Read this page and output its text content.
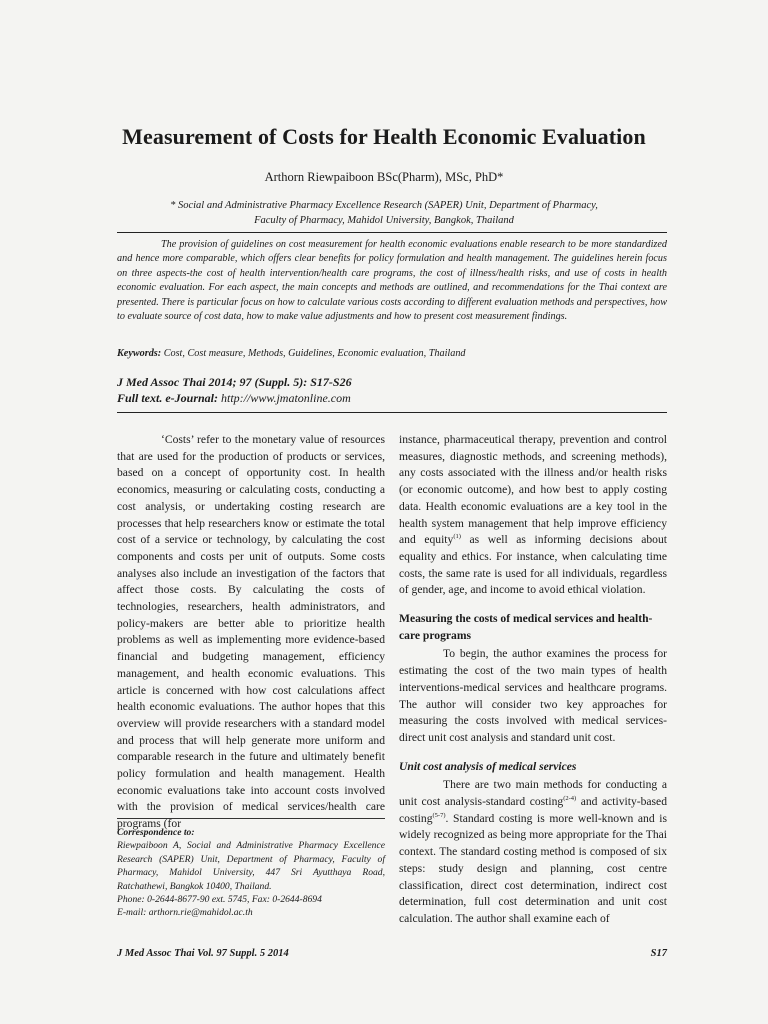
Measurement of Costs for Health Economic Evaluation
Arthorn Riewpaiboon BSc(Pharm), MSc, PhD*
* Social and Administrative Pharmacy Excellence Research (SAPER) Unit, Department of Pharmacy,
Faculty of Pharmacy, Mahidol University, Bangkok, Thailand
The provision of guidelines on cost measurement for health economic evaluations enable research to be more standardized and hence more comparable, which offers clear benefits for policy formulation and health management. The guidelines herein focus on three aspects-the cost of health intervention/health care programs, the cost of illness/health risks, and use of costs in health economic evaluation. For each aspect, the main concepts and methods are outlined, and recommendations for the Thai context are presented. There is particular focus on how to calculate various costs according to different evaluation methods and perspectives, how to evaluate source of cost data, how to make value adjustments and how to present cost measurement findings.
Keywords: Cost, Cost measure, Methods, Guidelines, Economic evaluation, Thailand
J Med Assoc Thai 2014; 97 (Suppl. 5): S17-S26
Full text. e-Journal: http://www.jmatonline.com

‘Costs’ refer to the monetary value of resources that are used for the production of products or services, based on a concept of opportunity cost. In health economics, measuring or calculating costs, conducting a cost analysis, or undertaking costing research are processes that help researchers know or estimate the total cost of a service or technology, by calculating the cost components and costs per unit of outputs. Some costs analyses also include an investigation of the factors that affect those costs. By calculating the costs of technologies, researchers, health administrators, and policy-makers are better able to prioritize health problems as well as implementing more evidence-based financial and budgeting management, efficiency management, and health economic evaluations. This article is concerned with how cost calculations affect health economic evaluations. The author hopes that this overview will provide researchers with a standard model and process that will help generate more uniform and comparable research in the future and ultimately benefit policy formulation and health management. Health economic evaluations take into account costs involved with the provision of medical services/health care programs (for

instance, pharmaceutical therapy, prevention and control measures, diagnostic methods, and screening methods), any costs associated with the illness and/or health risks (or economic outcome), and how best to apply costing data. Health economic evaluations are a key tool in the health system management that help improve efficiency and equity$^{(1)}$ as well as informing decisions about equality and ethics. For instance, when calculating time costs, the same rate is used for all individuals, regardless of gender, age, and income to avoid ethical violation.

Measuring the costs of medical services and health-care programs

To begin, the author examines the process for estimating the cost of the two main types of health interventions-medical services and healthcare programs. The author will consider two key approaches for measuring the costs involved with medical services-direct unit cost analysis and standard unit cost.

Unit cost analysis of medical services

There are two main methods for conducting a unit cost analysis-standard costing$^{(2-4)}$ and activity-based costing$^{(5-7)}$. Standard costing is more well-known and is widely recognized as being more appropriate for the Thai context. The standard costing method is composed of six steps: study design and planning, cost centre classification, direct cost determination, indirect cost determination, full cost determination and unit cost calculation. The author shall examine each of

Correspondence to:
Riewpaiboon A, Social and Administrative Pharmacy Excellence Research (SAPER) Unit, Department of Pharmacy, Faculty of Pharmacy, Mahidol University, 447 Sri Ayutthaya Road, Ratchathewi, Bangkok 10400, Thailand.
Phone: 0-2644-8677-90 ext. 5745, Fax: 0-2644-8694
E-mail: arthorn.rie@mahidol.ac.th
J Med Assoc Thai Vol. 97 Suppl. 5 2014	S17
